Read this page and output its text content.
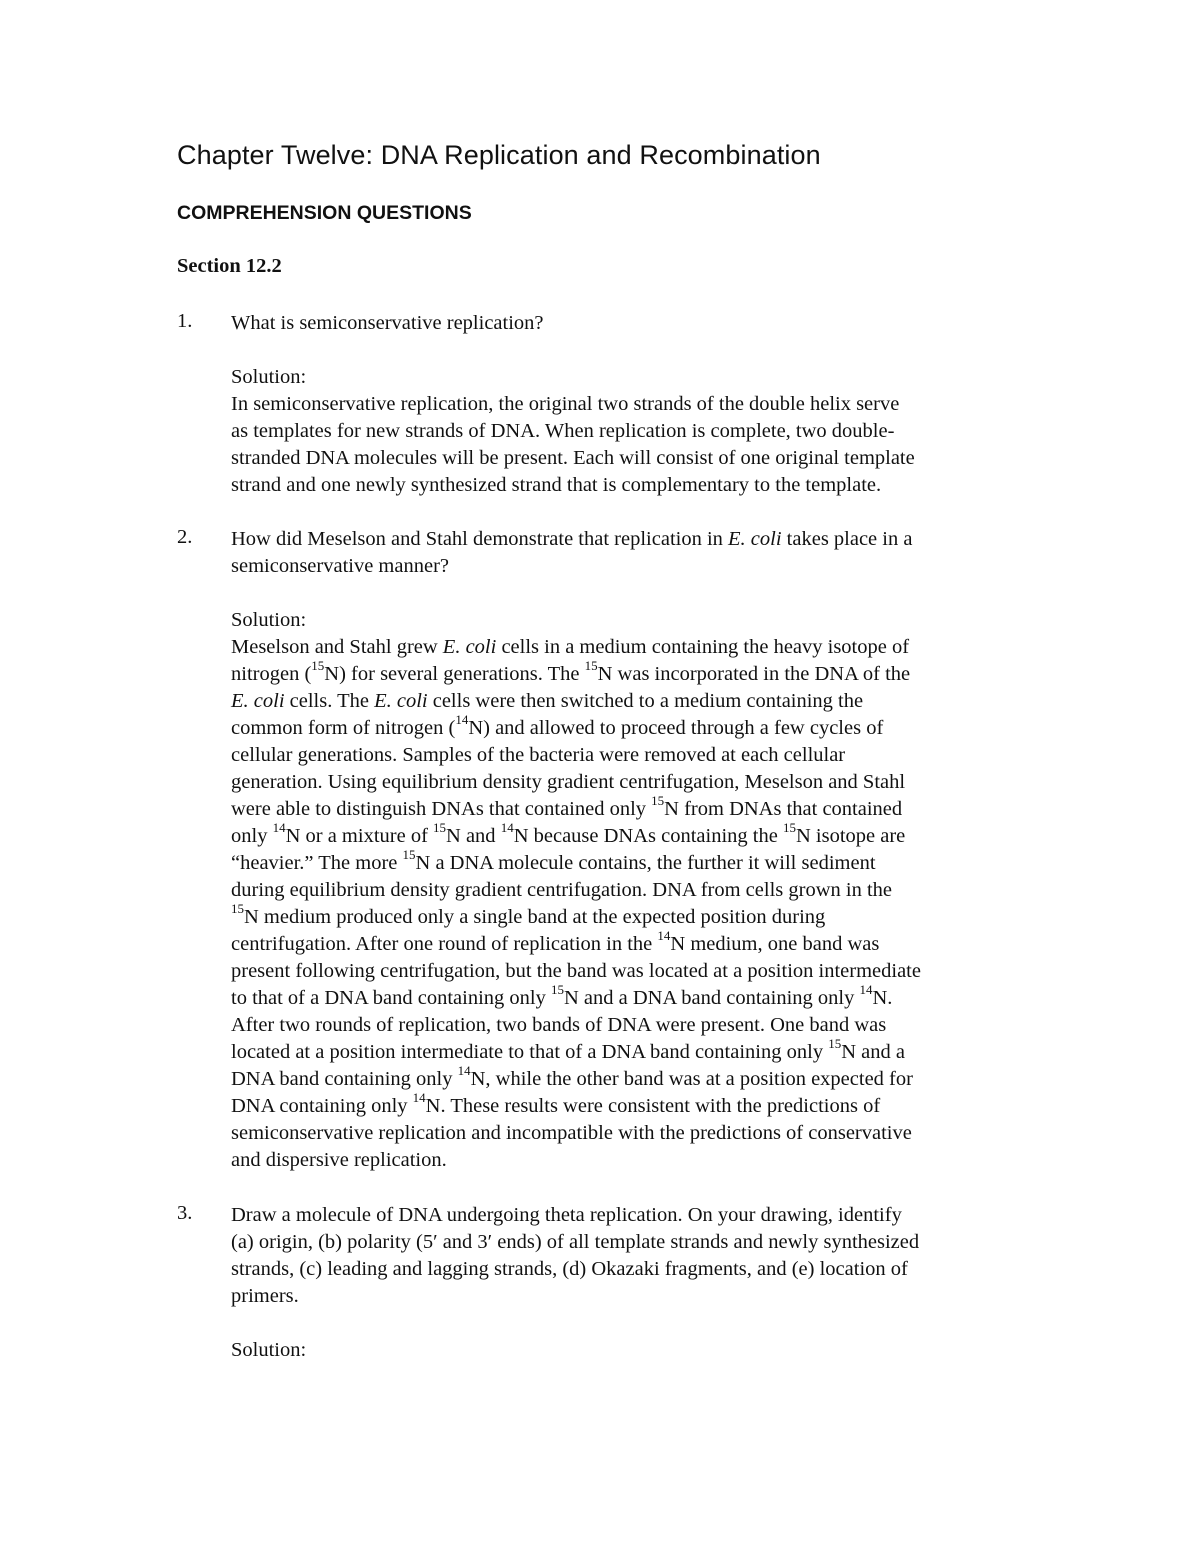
Chapter Twelve: DNA Replication and Recombination
COMPREHENSION QUESTIONS
Section 12.2
1. What is semiconservative replication?
Solution:
In semiconservative replication, the original two strands of the double helix serve
as templates for new strands of DNA. When replication is complete, two double-
stranded DNA molecules will be present. Each will consist of one original template
strand and one newly synthesized strand that is complementary to the template.
2. How did Meselson and Stahl demonstrate that replication in E. coli takes place in a
semiconservative manner?
Solution:
Meselson and Stahl grew E. coli cells in a medium containing the heavy isotope of
nitrogen ($^{15}$N) for several generations. The $^{15}$N was incorporated in the DNA of the
E. coli cells. The E. coli cells were then switched to a medium containing the
common form of nitrogen ($^{14}$N) and allowed to proceed through a few cycles of
cellular generations. Samples of the bacteria were removed at each cellular
generation. Using equilibrium density gradient centrifugation, Meselson and Stahl
were able to distinguish DNAs that contained only $^{15}$N from DNAs that contained
only $^{14}$N or a mixture of $^{15}$N and $^{14}$N because DNAs containing the $^{15}$N isotope are
“heavier.” The more $^{15}$N a DNA molecule contains, the further it will sediment
during equilibrium density gradient centrifugation. DNA from cells grown in the
$^{15}$N medium produced only a single band at the expected position during
centrifugation. After one round of replication in the $^{14}$N medium, one band was
present following centrifugation, but the band was located at a position intermediate
to that of a DNA band containing only $^{15}$N and a DNA band containing only $^{14}$N.
After two rounds of replication, two bands of DNA were present. One band was
located at a position intermediate to that of a DNA band containing only $^{15}$N and a
DNA band containing only $^{14}$N, while the other band was at a position expected for
DNA containing only $^{14}$N. These results were consistent with the predictions of
semiconservative replication and incompatible with the predictions of conservative
and dispersive replication.
3. Draw a molecule of DNA undergoing theta replication. On your drawing, identify
(a) origin, (b) polarity (5′ and 3′ ends) of all template strands and newly synthesized
strands, (c) leading and lagging strands, (d) Okazaki fragments, and (e) location of
primers.
Solution:
